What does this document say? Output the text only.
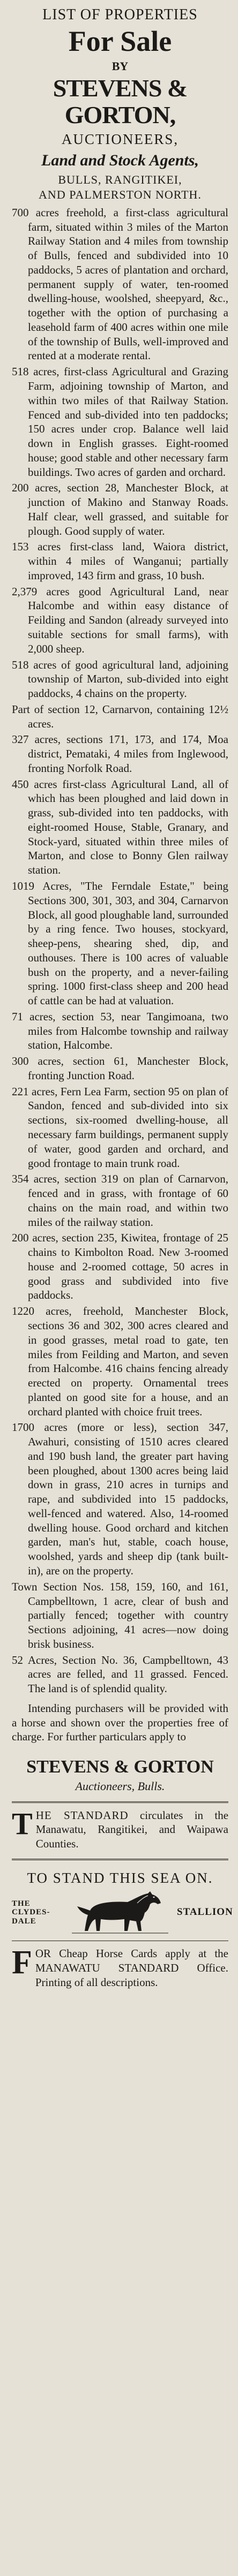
LIST OF PROPERTIES

For Sale

BY

STEVENS & GORTON,

AUCTIONEERS,

Land and Stock Agents,

BULLS, RANGITIKEI,

AND PALMERSTON NORTH.

700 acres freehold, a first-class agricultural farm, situated within 3 miles of the Marton Railway Station and 4 miles from township of Bulls, fenced and subdivided into 10 paddocks, 5 acres of plantation and orchard, permanent supply of water, ten-roomed dwelling-house, woolshed, sheepyard, &c., together with the option of purchasing a leasehold farm of 400 acres within one mile of the township of Bulls, well-improved and rented at a moderate rental.

518 acres, first-class Agricultural and Grazing Farm, adjoining township of Marton, and within two miles of that Railway Station. Fenced and sub-divided into ten paddocks; 150 acres under crop. Balance well laid down in English grasses. Eight-roomed house; good stable and other necessary farm buildings. Two acres of garden and orchard.

200 acres, section 28, Manchester Block, at junction of Makino and Stanway Roads. Half clear, well grassed, and suitable for plough. Good supply of water.

153 acres first-class land, Waiora district, within 4 miles of Wanganui; partially improved, 143 firm and grass, 10 bush.

2,379 acres good Agricultural Land, near Halcombe and within easy distance of Feilding and Sandon (already surveyed into suitable sections for small farms), with 2,000 sheep.

518 acres of good agricultural land, adjoining township of Marton, sub-divided into eight paddocks, 4 chains on the property.

Part of section 12, Carnarvon, containing 12½ acres.

327 acres, sections 171, 173, and 174, Moa district, Pemataki, 4 miles from Inglewood, fronting Norfolk Road.

450 acres first-class Agricultural Land, all of which has been ploughed and laid down in grass, sub-divided into ten paddocks, with eight-roomed House, Stable, Granary, and Stock-yard, situated within three miles of Marton, and close to Bonny Glen railway station.

1019 Acres, "The Ferndale Estate," being Sections 300, 301, 303, and 304, Carnarvon Block, all good ploughable land, surrounded by a ring fence. Two houses, stockyard, sheep-pens, shearing shed, dip, and outhouses. There is 100 acres of valuable bush on the property, and a never-failing spring. 1000 first-class sheep and 200 head of cattle can be had at valuation.

71 acres, section 53, near Tangimoana, two miles from Halcombe township and railway station, Halcombe.

300 acres, section 61, Manchester Block, fronting Junction Road.

221 acres, Fern Lea Farm, section 95 on plan of Sandon, fenced and sub-divided into six sections, six-roomed dwelling-house, all necessary farm buildings, permanent supply of water, good garden and orchard, and good frontage to main trunk road.

354 acres, section 319 on plan of Carnarvon, fenced and in grass, with frontage of 60 chains on the main road, and within two miles of the railway station.

200 acres, section 235, Kiwitea, frontage of 25 chains to Kimbolton Road. New 3-roomed house and 2-roomed cottage, 50 acres in good grass and subdivided into five paddocks.

1220 acres, freehold, Manchester Block, sections 36 and 302, 300 acres cleared and in good grasses, metal road to gate, ten miles from Feilding and Marton, and seven from Halcombe. 416 chains fencing already erected on property. Ornamental trees planted on good site for a house, and an orchard planted with choice fruit trees.

1700 acres (more or less), section 347, Awahuri, consisting of 1510 acres cleared and 190 bush land, the greater part having been ploughed, about 1300 acres being laid down in grass, 210 acres in turnips and rape, and subdivided into 15 paddocks, well-fenced and watered. Also, 14-roomed dwelling house. Good orchard and kitchen garden, man's hut, stable, coach house, woolshed, yards and sheep dip (tank built-in), are on the property.

Town Section Nos. 158, 159, 160, and 161, Campbelltown, 1 acre, clear of bush and partially fenced; together with country Sections adjoining, 41 acres—now doing brisk business.

52 Acres, Section No. 36, Campbelltown, 43 acres are felled, and 11 grassed. Fenced. The land is of splendid quality.

Intending purchasers will be provided with a horse and shown over the properties free of charge. For further particulars apply to

STEVENS & GORTON

Auctioneers, Bulls.

T HE STANDARD circulates in the Manawatu, Rangitikei, and Waipawa Counties.

TO STAND THIS SEA ON.

THE CLYDES-DALE
STALLION
F OR Cheap Horse Cards apply at the MANAWATU STANDARD Office. Printing of all descriptions.
